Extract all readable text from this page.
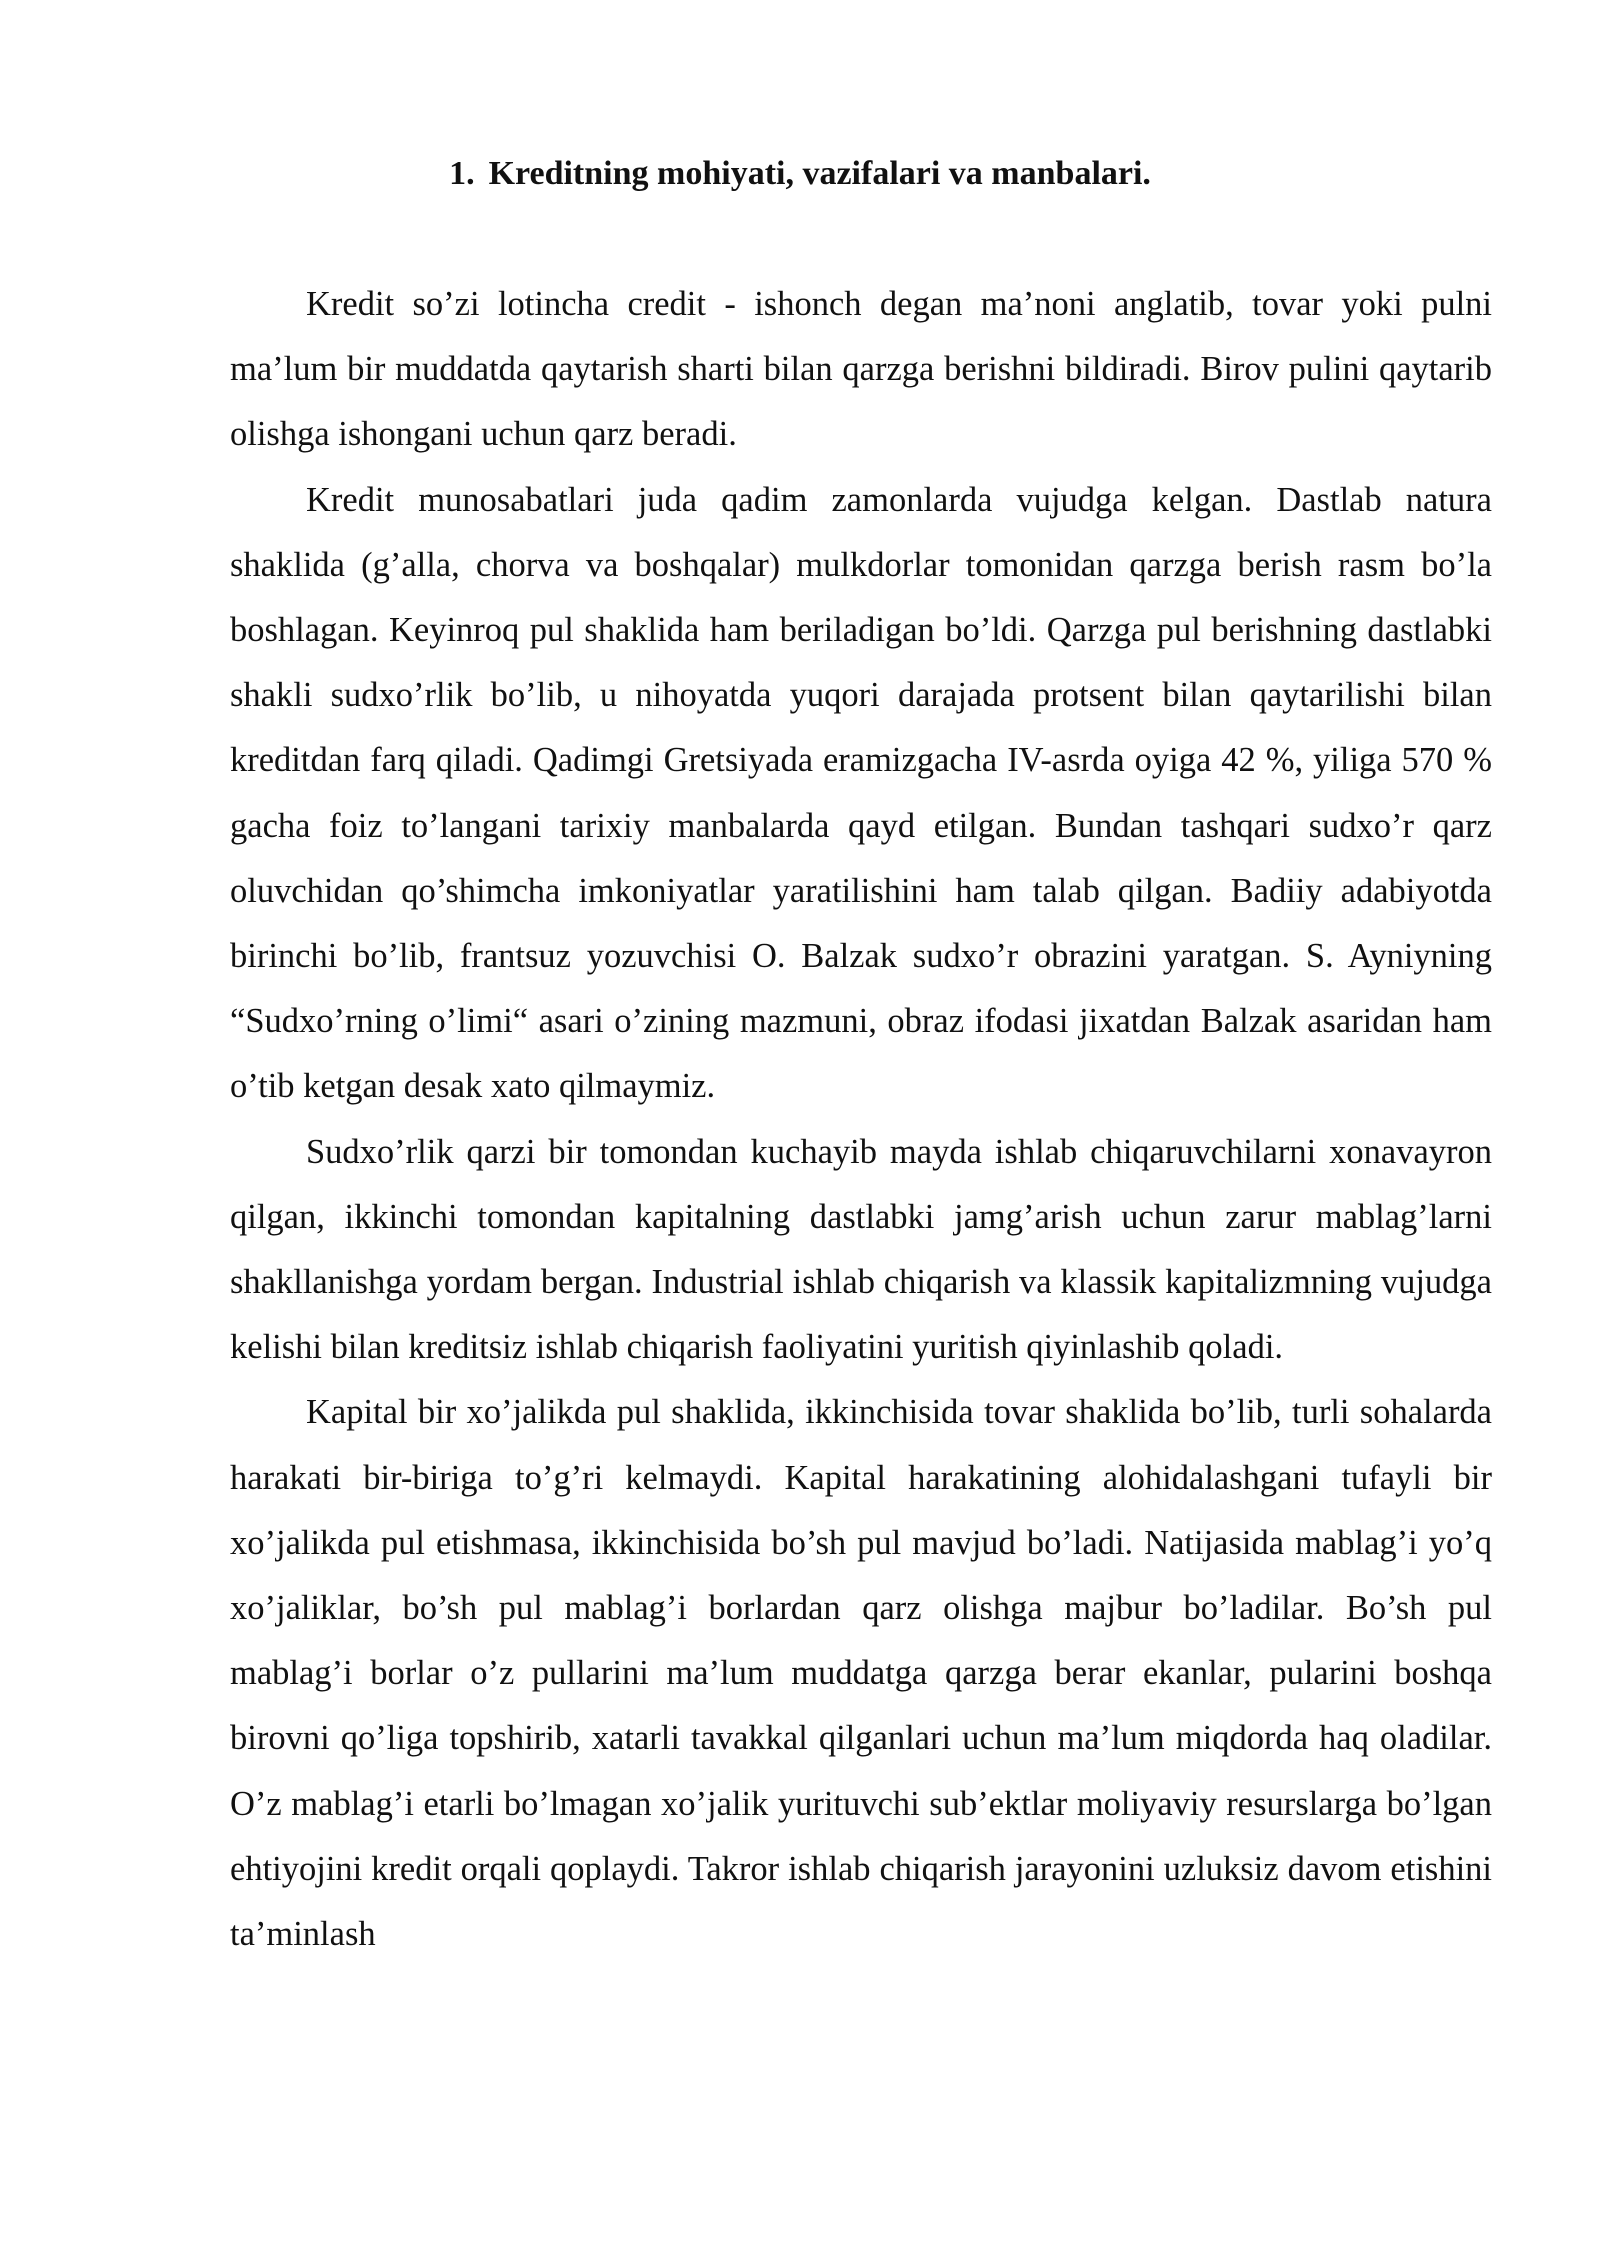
1. Kreditning mohiyati, vazifalari va manbalari.

Kredit so’zi lotincha credit - ishonch degan ma’noni anglatib, tovar yoki pulni ma’lum bir muddatda qaytarish sharti bilan qarzga berishni bildiradi. Birov pulini qaytarib olishga ishongani uchun qarz beradi.

Kredit munosabatlari juda qadim zamonlarda vujudga kelgan. Dastlab natura shaklida (g’alla, chorva va boshqalar) mulkdorlar tomonidan qarzga berish rasm bo’la boshlagan. Keyinroq pul shaklida ham beriladigan bo’ldi. Qarzga pul berishning dastlabki shakli sudxo’rlik bo’lib, u nihoyatda yuqori darajada protsent bilan qaytarilishi bilan kreditdan farq qiladi. Qadimgi Gretsiyada eramizgacha IV-asrda oyiga 42 %, yiliga 570 % gacha foiz to’langani tarixiy manbalarda qayd etilgan. Bundan tashqari sudxo’r qarz oluvchidan qo’shimcha imkoniyatlar yaratilishini ham talab qilgan. Badiiy adabiyotda birinchi bo’lib, frantsuz yozuvchisi O. Balzak sudxo’r obrazini yaratgan. S. Ayniyning “Sudxo’rning o’limi“ asari o’zining mazmuni, obraz ifodasi jixatdan Balzak asaridan ham o’tib ketgan desak xato qilmaymiz.

Sudxo’rlik qarzi bir tomondan kuchayib mayda ishlab chiqaruvchilarni xonavayron qilgan, ikkinchi tomondan kapitalning dastlabki jamg’arish uchun zarur mablag’larni shakllanishga yordam bergan. Industrial ishlab chiqarish va klassik kapitalizmning vujudga kelishi bilan kreditsiz ishlab chiqarish faoliyatini yuritish qiyinlashib qoladi.

Kapital bir xo’jalikda pul shaklida, ikkinchisida tovar shaklida bo’lib, turli sohalarda harakati bir-biriga to’g’ri kelmaydi. Kapital harakatining alohidalashgani tufayli bir xo’jalikda pul etishmasa, ikkinchisida bo’sh pul mavjud bo’ladi. Natijasida mablag’i yo’q xo’jaliklar, bo’sh pul mablag’i borlardan qarz olishga majbur bo’ladilar. Bo’sh pul mablag’i borlar o’z pullarini ma’lum muddatga qarzga berar ekanlar, pularini boshqa birovni qo’liga topshirib, xatarli tavakkal qilganlari uchun ma’lum miqdorda haq oladilar. O’z mablag’i etarli bo’lmagan xo’jalik yurituvchi sub’ektlar moliyaviy resurslarga bo’lgan ehtiyojini kredit orqali qoplaydi. Takror ishlab chiqarish jarayonini uzluksiz davom etishini ta’minlash
